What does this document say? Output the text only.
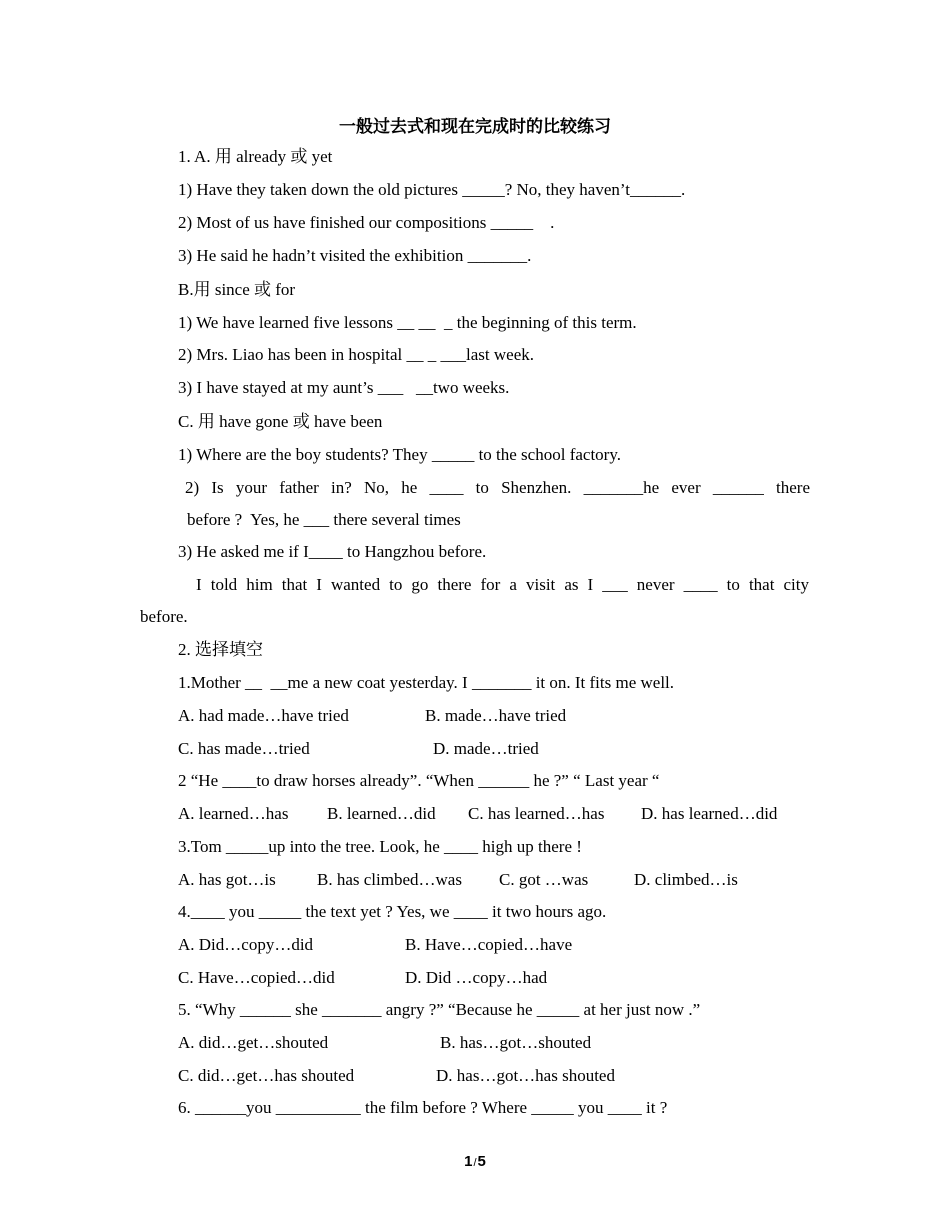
一般过去式和现在完成时的比较练习
1. A. 用 already 或 yet
1) Have they taken down the old pictures _____? No, they haven’t______.
2) Most of us have finished our compositions _____    .
3) He said he hadn’t visited the exhibition _______.
B.用 since 或 for
1) We have learned five lessons __ __  _ the beginning of this term.
2) Mrs. Liao has been in hospital __ _ ___last week.
3) I have stayed at my aunt’s ___   __two weeks.
C. 用 have gone 或 have been
1) Where are the boy students? They _____ to the school factory.
2) Is your father in? No, he ____ to Shenzhen. _______he ever ______ there
before ?  Yes, he ___ there several times
3) He asked me if I____ to Hangzhou before.
I told him that I wanted to go there for a visit as I ___ never ____ to that city
before.
2. 选择填空
1.Mother __  __me a new coat yesterday. I _______ it on. It fits me well.
A. had made…have tried	B. made…have tried
C. has made…tried	D. made…tried
2 “He ____to draw horses already”. “When ______ he ?” “ Last year “
A. learned…has B. learned…did C. has learned…has D. has learned…did
3.Tom _____up into the tree. Look, he ____ high up there !
A. has got…is B. has climbed…was C. got …was	D. climbed…is
4.____ you _____ the text yet ? Yes, we ____ it two hours ago.
A. Did…copy…did	B. Have…copied…have
C. Have…copied…did	D. Did …copy…had
5. “Why ______ she _______ angry ?” “Because he _____ at her just now .”
A. did…get…shouted	B. has…got…shouted
C. did…get…has shouted	D. has…got…has shouted
6. ______you __________ the film before ? Where _____ you ____ it ?
1/5
